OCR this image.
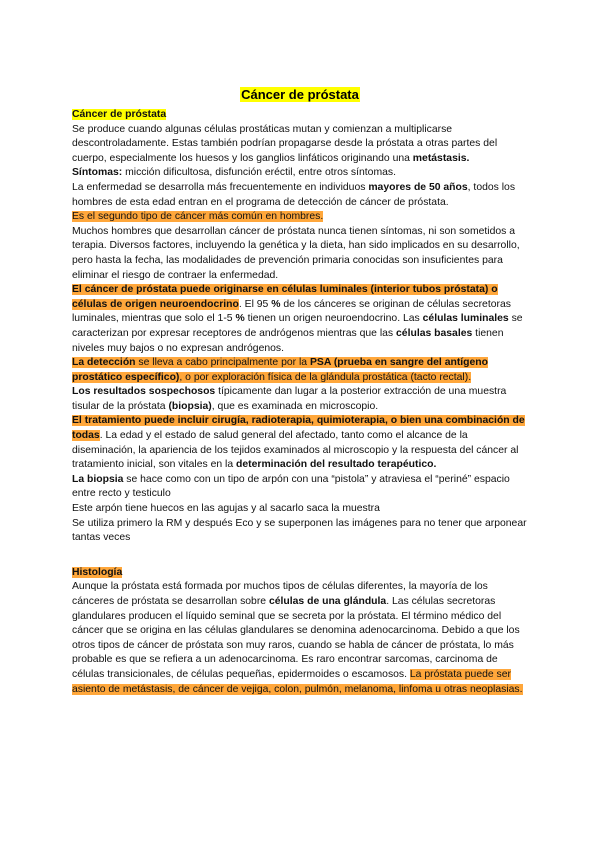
Cáncer de próstata

Cáncer de próstata

Se produce cuando algunas células prostáticas mutan y comienzan a multiplicarse descontroladamente. Estas también podrían propagarse desde la próstata a otras partes del cuerpo, especialmente los huesos y los ganglios linfáticos originando una metástasis.

Síntomas: micción dificultosa, disfunción eréctil, entre otros síntomas.

La enfermedad se desarrolla más frecuentemente en individuos mayores de 50 años, todos los hombres de esta edad entran en el programa de detección de cáncer de próstata.

Es el segundo tipo de cáncer más común en hombres.

Muchos hombres que desarrollan cáncer de próstata nunca tienen síntomas, ni son sometidos a terapia. Diversos factores, incluyendo la genética y la dieta, han sido implicados en su desarrollo, pero hasta la fecha, las modalidades de prevención primaria conocidas son insuficientes para eliminar el riesgo de contraer la enfermedad.

El cáncer de próstata puede originarse en células luminales (interior tubos próstata) o células de origen neuroendocrino. El 95 % de los cánceres se originan de células secretoras luminales, mientras que solo el 1-5 % tienen un origen neuroendocrino. Las células luminales se caracterizan por expresar receptores de andrógenos mientras que las células basales tienen niveles muy bajos o no expresan andrógenos.

La detección se lleva a cabo principalmente por la PSA (prueba en sangre del antígeno prostático específico), o por exploración física de la glándula prostática (tacto rectal).

Los resultados sospechosos típicamente dan lugar a la posterior extracción de una muestra tisular de la próstata (biopsia), que es examinada en microscopio.

El tratamiento puede incluir cirugía, radioterapia, quimioterapia, o bien una combinación de todas. La edad y el estado de salud general del afectado, tanto como el alcance de la diseminación, la apariencia de los tejidos examinados al microscopio y la respuesta del cáncer al tratamiento inicial, son vitales en la determinación del resultado terapéutico.

La biopsia se hace como con un tipo de arpón con una “pistola” y atraviesa el “periné” espacio entre recto y testiculo

Este arpón tiene huecos en las agujas y al sacarlo saca la muestra

Se utiliza primero la RM y después Eco y se superponen las imágenes para no tener que arponear tantas veces

Histología

Aunque la próstata está formada por muchos tipos de células diferentes, la mayoría de los cánceres de próstata se desarrollan sobre células de una glándula. Las células secretoras glandulares producen el líquido seminal que se secreta por la próstata. El término médico del cáncer que se origina en las células glandulares se denomina adenocarcinoma. Debido a que los otros tipos de cáncer de próstata son muy raros, cuando se habla de cáncer de próstata, lo más probable es que se refiera a un adenocarcinoma. Es raro encontrar sarcomas, carcinoma de células transicionales, de células pequeñas, epidermoides o escamosos. La próstata puede ser asiento de metástasis, de cáncer de vejiga, colon, pulmón, melanoma, linfoma u otras neoplasias.
